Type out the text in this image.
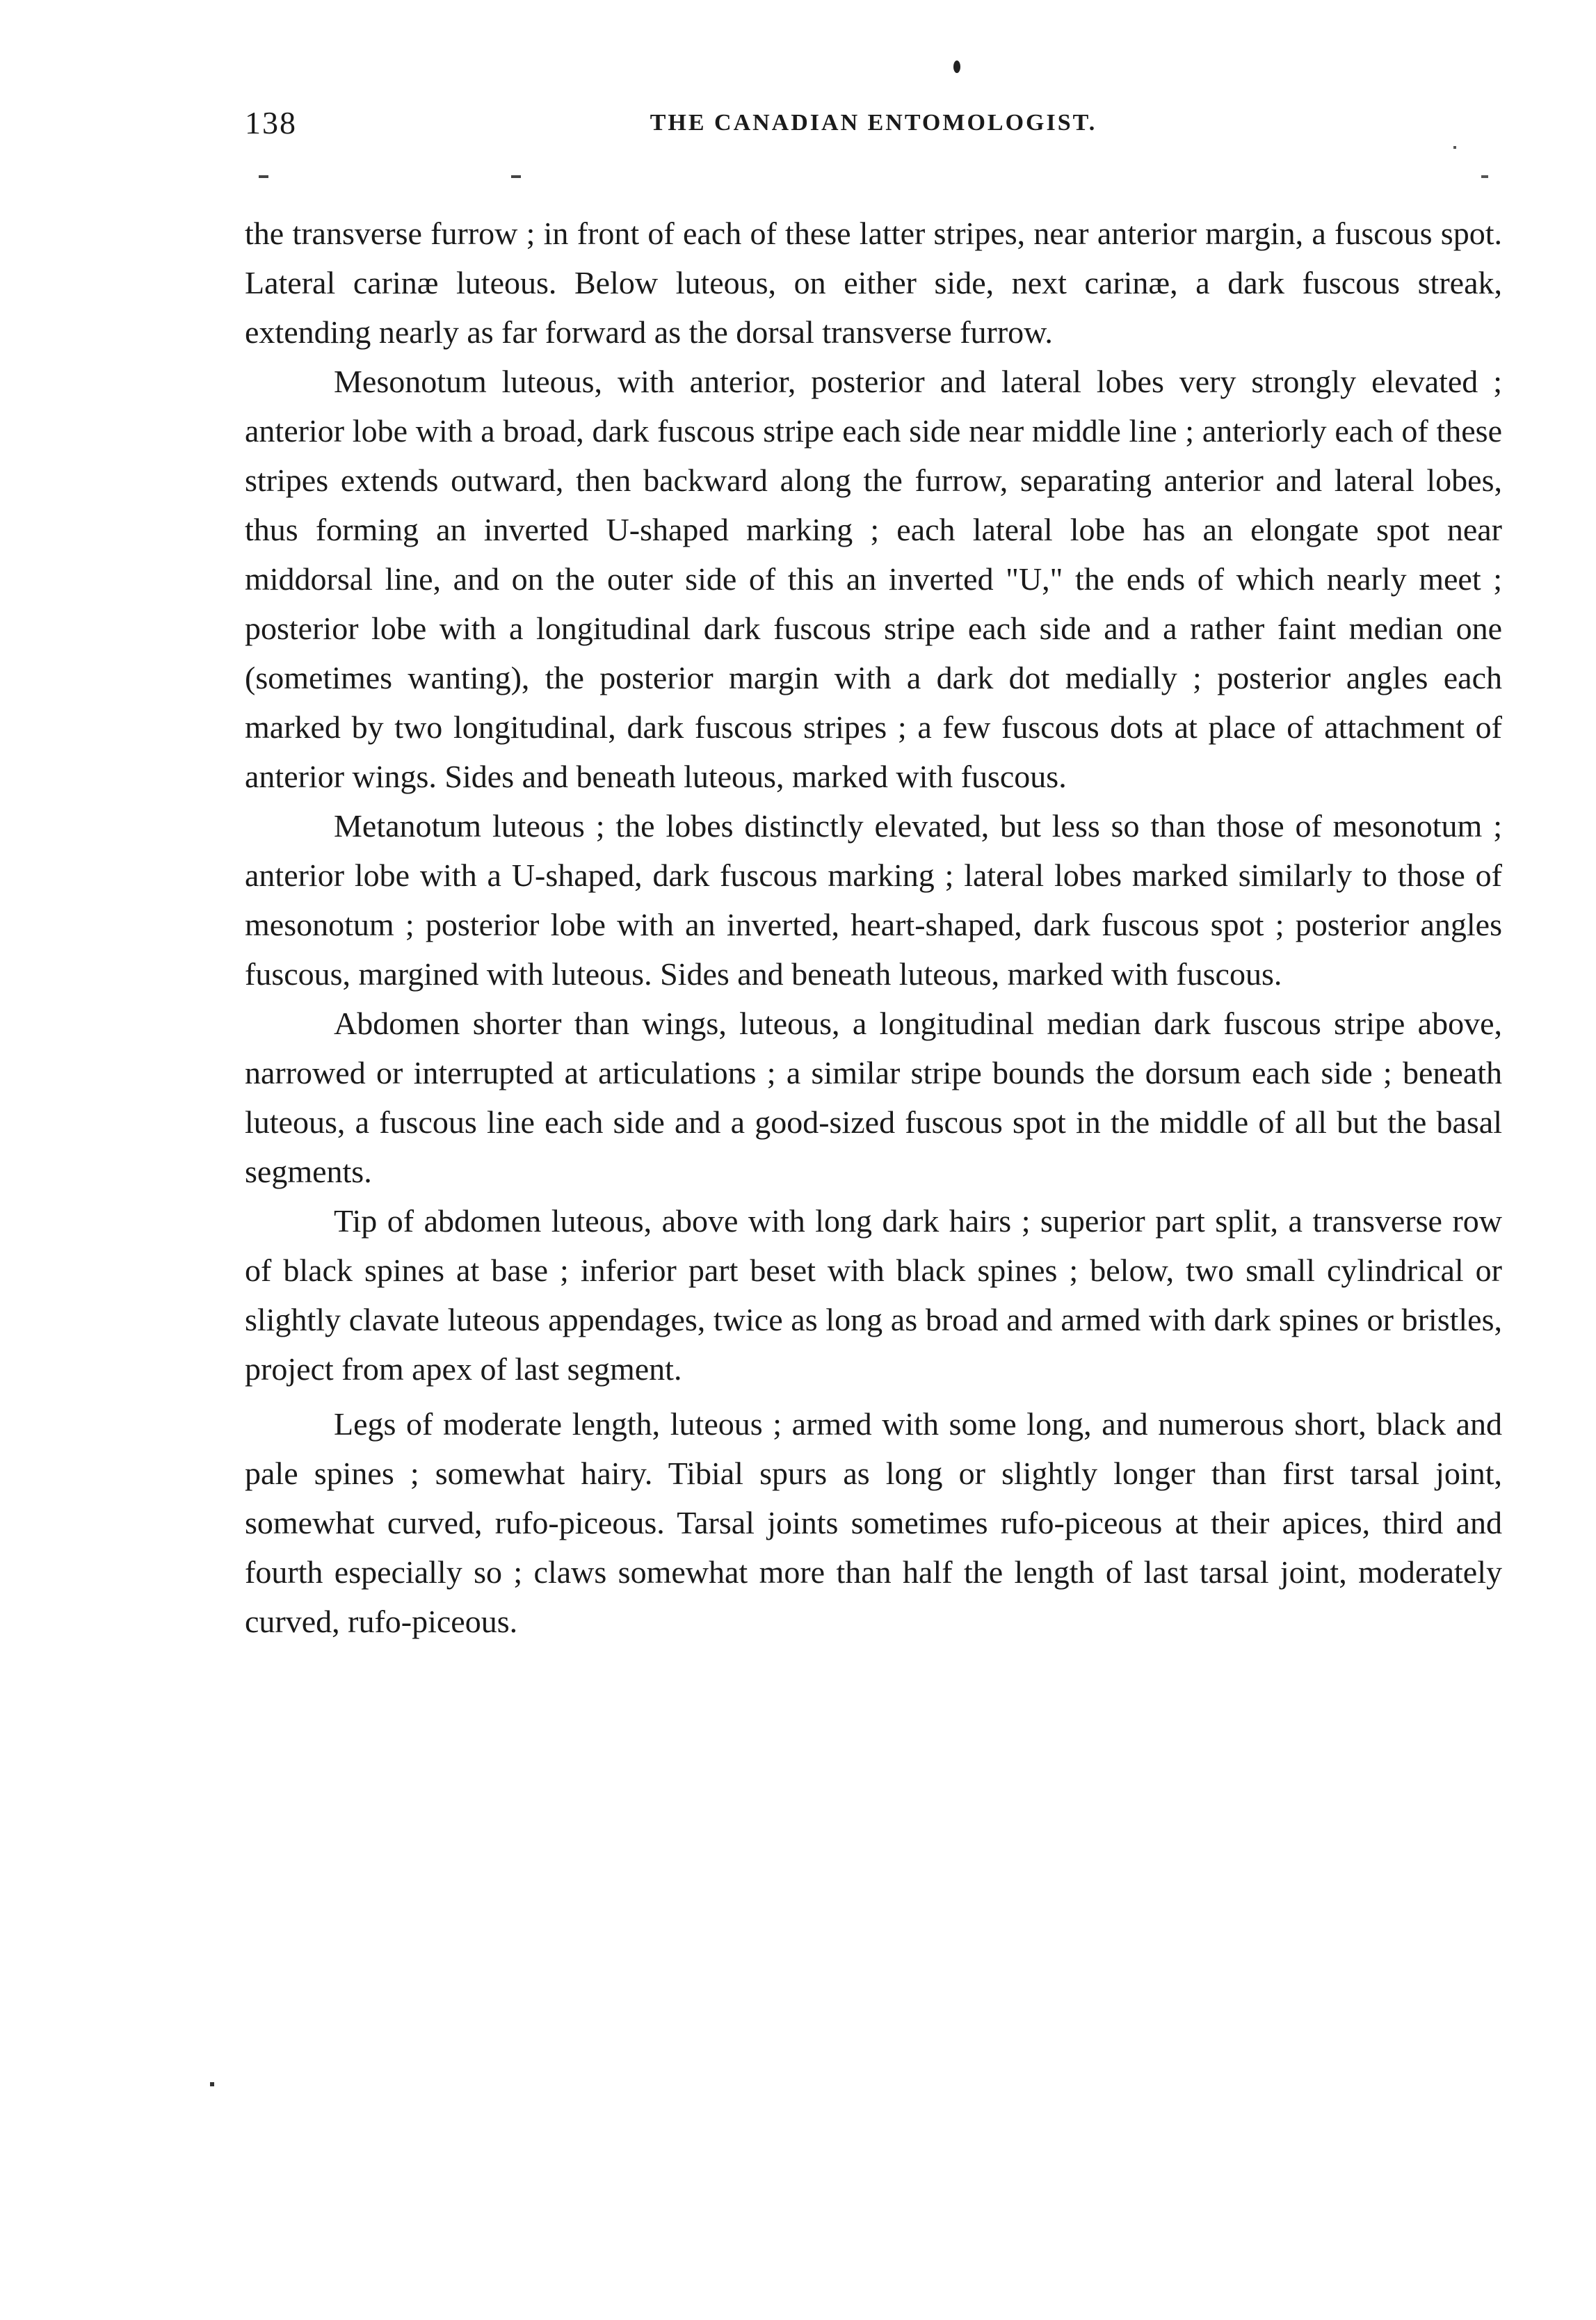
138	THE CANADIAN ENTOMOLOGIST.

the transverse furrow ; in front of each of these latter stripes, near anterior margin, a fuscous spot. Lateral carinæ luteous. Below luteous, on either side, next carinæ, a dark fuscous streak, extending nearly as far forward as the dorsal transverse furrow.

Mesonotum luteous, with anterior, posterior and lateral lobes very strongly elevated ; anterior lobe with a broad, dark fuscous stripe each side near middle line ; anteriorly each of these stripes extends outward, then backward along the furrow, separating anterior and lateral lobes, thus forming an inverted U-shaped marking ; each lateral lobe has an elongate spot near middorsal line, and on the outer side of this an inverted "U," the ends of which nearly meet ; posterior lobe with a longitudinal dark fuscous stripe each side and a rather faint median one (sometimes wanting), the posterior margin with a dark dot medially ; posterior angles each marked by two longitudinal, dark fuscous stripes ; a few fuscous dots at place of attachment of anterior wings. Sides and beneath luteous, marked with fuscous.

Metanotum luteous ; the lobes distinctly elevated, but less so than those of mesonotum ; anterior lobe with a U-shaped, dark fuscous marking ; lateral lobes marked similarly to those of mesonotum ; posterior lobe with an inverted, heart-shaped, dark fuscous spot ; posterior angles fuscous, margined with luteous. Sides and beneath luteous, marked with fuscous.

Abdomen shorter than wings, luteous, a longitudinal median dark fuscous stripe above, narrowed or interrupted at articulations ; a similar stripe bounds the dorsum each side ; beneath luteous, a fuscous line each side and a good-sized fuscous spot in the middle of all but the basal segments.

Tip of abdomen luteous, above with long dark hairs ; superior part split, a transverse row of black spines at base ; inferior part beset with black spines ; below, two small cylindrical or slightly clavate luteous appendages, twice as long as broad and armed with dark spines or bristles, project from apex of last segment.

Legs of moderate length, luteous ; armed with some long, and numerous short, black and pale spines ; somewhat hairy. Tibial spurs as long or slightly longer than first tarsal joint, somewhat curved, rufo-piceous. Tarsal joints sometimes rufo-piceous at their apices, third and fourth especially so ; claws somewhat more than half the length of last tarsal joint, moderately curved, rufo-piceous.
